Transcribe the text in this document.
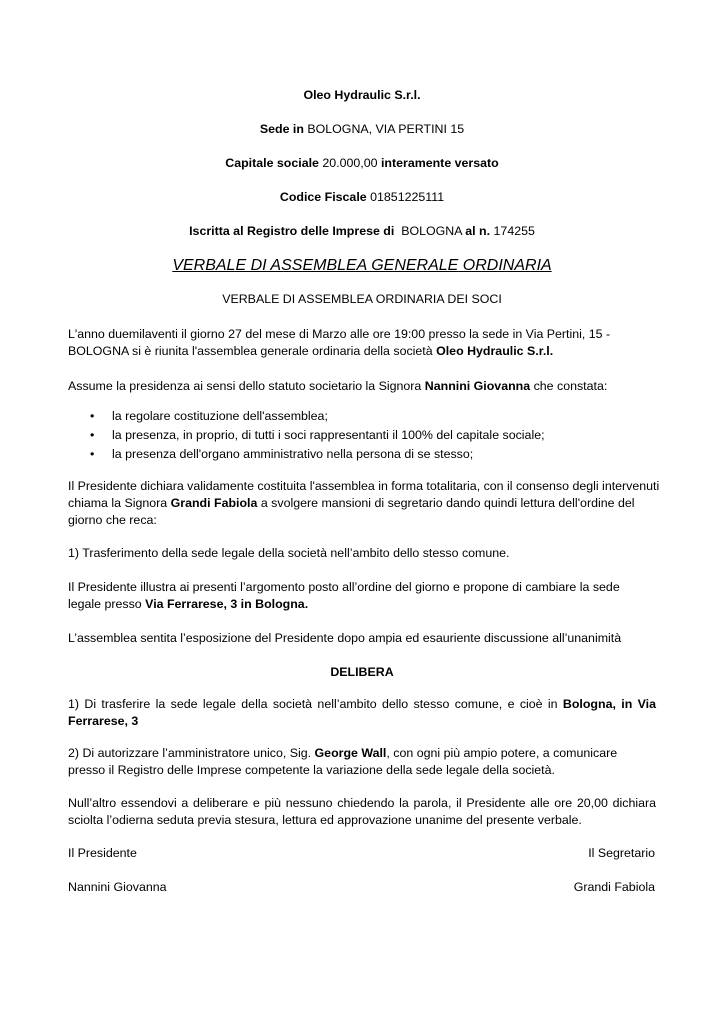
Oleo Hydraulic S.r.l.
Sede in BOLOGNA, VIA PERTINI 15
Capitale sociale 20.000,00 interamente versato
Codice Fiscale 01851225111
Iscritta al Registro delle Imprese di BOLOGNA al n. 174255
VERBALE DI ASSEMBLEA GENERALE ORDINARIA
VERBALE DI ASSEMBLEA ORDINARIA DEI SOCI
L'anno duemilaventi il giorno 27 del mese di Marzo alle ore 19:00 presso la sede in Via Pertini, 15 - BOLOGNA si è riunita l'assemblea generale ordinaria della società Oleo Hydraulic S.r.l.
Assume la presidenza ai sensi dello statuto societario la Signora Nannini Giovanna che constata:
• la regolare costituzione dell'assemblea;
• la presenza, in proprio, di tutti i soci rappresentanti il 100% del capitale sociale;
• la presenza dell'organo amministrativo nella persona di se stesso;
Il Presidente dichiara validamente costituita l'assemblea in forma totalitaria, con il consenso degli intervenuti chiama la Signora Grandi Fabiola a svolgere mansioni di segretario dando quindi lettura dell'ordine del giorno che reca:
1) Trasferimento della sede legale della società nell’ambito dello stesso comune.
Il Presidente illustra ai presenti l’argomento posto all’ordine del giorno e propone di cambiare la sede legale presso Via Ferrarese, 3 in Bologna.
L’assemblea sentita l’esposizione del Presidente dopo ampia ed esauriente discussione all’unanimità
DELIBERA
1) Di trasferire la sede legale della società nell’ambito dello stesso comune, e cioè in Bologna, in Via Ferrarese, 3
2) Di autorizzare l’amministratore unico, Sig. George Wall, con ogni più ampio potere, a comunicare presso il Registro delle Imprese competente la variazione della sede legale della società.
Null’altro essendovi a deliberare e più nessuno chiedendo la parola, il Presidente alle ore 20,00 dichiara sciolta l’odierna seduta previa stesura, lettura ed approvazione unanime del presente verbale.
Il Presidente	Il Segretario
Nannini Giovanna	Grandi Fabiola
